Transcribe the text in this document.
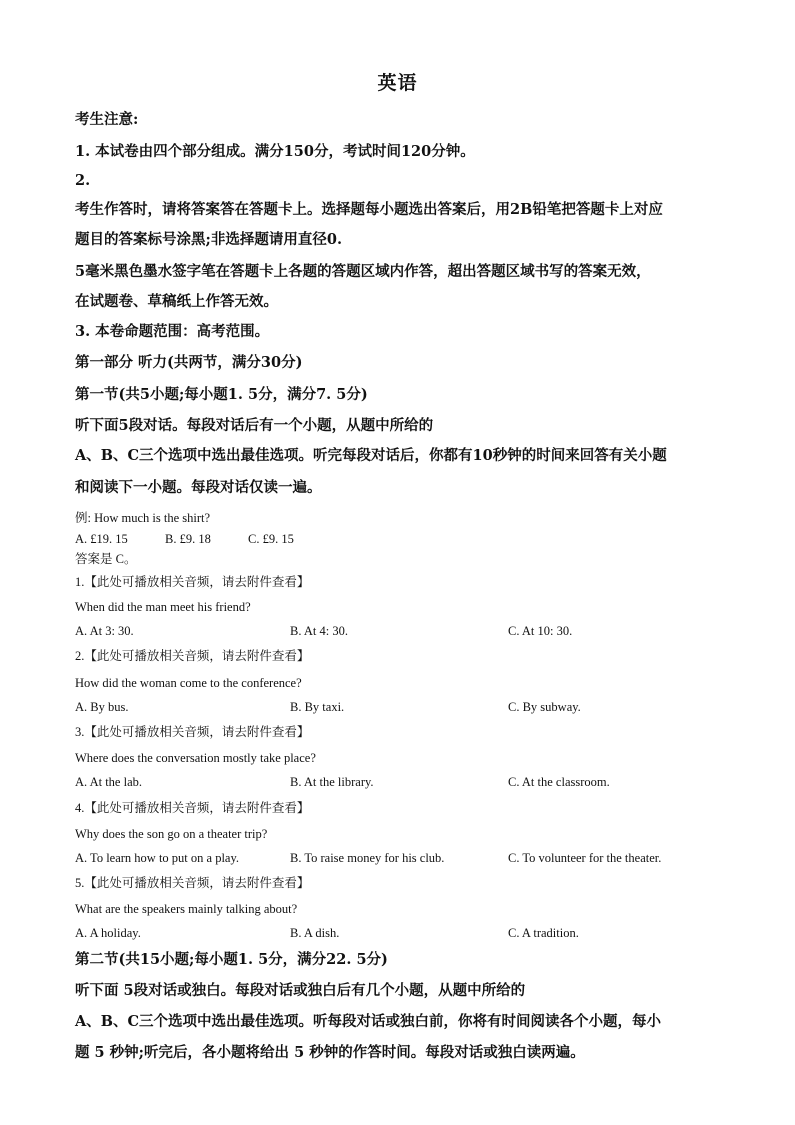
英语
考生注意:
1. 本试卷由四个部分组成。满分150分，考试时间120分钟。
2.
考生作答时，请将答案答在答题卡上。选择题每小题选出答案后，用2B铅笔把答题卡上对应
题目的答案标号涂黑;非选择题请用直径0.
5毫米黑色墨水签字笔在答题卡上各题的答题区域内作答，超出答题区域书写的答案无效，
在试题卷、草稿纸上作答无效。
3. 本卷命题范围：高考范围。
第一部分 听力(共两节，满分30分)
第一节(共5小题;每小题1. 5分，满分7. 5分)
听下面5段对话。每段对话后有一个小题，从题中所给的
A、B、C三个选项中选出最佳选项。听完每段对话后，你都有10秒钟的时间来回答有关小题
和阅读下一小题。每段对话仅读一遍。
例: How much is the shirt?
A. £19. 15	B. £9. 18	C. £9. 15
答案是 C。
1.【此处可播放相关音频，请去附件查看】
When did the man meet his friend?
A. At 3: 30.	B. At 4: 30.	C. At 10: 30.
2.【此处可播放相关音频，请去附件查看】
How did the woman come to the conference?
A. By bus.	B. By taxi.	C. By subway.
3.【此处可播放相关音频，请去附件查看】
Where does the conversation mostly take place?
A. At the lab.	B. At the library.	C. At the classroom.
4.【此处可播放相关音频，请去附件查看】
Why does the son go on a theater trip?
A. To learn how to put on a play.	B. To raise money for his club.	C. To volunteer for the theater.
5.【此处可播放相关音频，请去附件查看】
What are the speakers mainly talking about?
A. A holiday.	B. A dish.	C. A tradition.
第二节(共15小题;每小题1. 5分，满分22. 5分)
听下面 5段对话或独白。每段对话或独白后有几个小题，从题中所给的
A、B、C三个选项中选出最佳选项。听每段对话或独白前，你将有时间阅读各个小题，每小
题 5 秒钟;听完后，各小题将给出 5 秒钟的作答时间。每段对话或独白读两遍。
